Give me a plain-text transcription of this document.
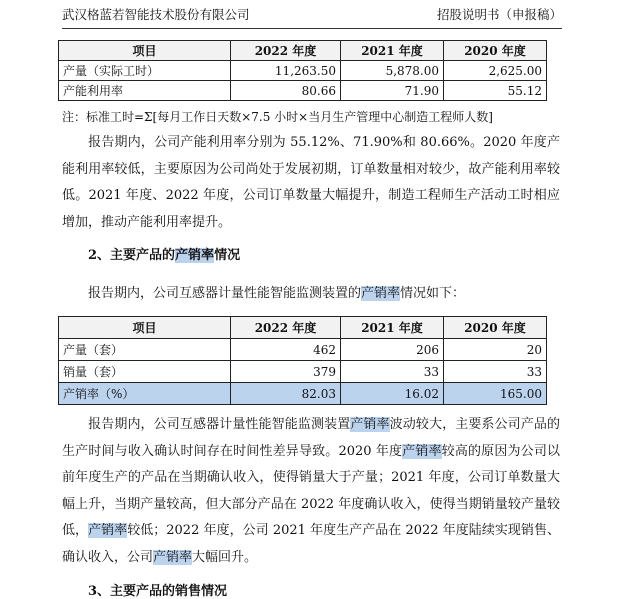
武汉格蓝若智能技术股份有限公司	招股说明书（申报稿）
项目	2022 年度	2021 年度	2020 年度
产量（实际工时）	11,263.50	5,878.00	2,625.00
产能利用率	80.66	71.90	55.12
注：标准工时=Σ[每月工作日天数×7.5 小时×当月生产管理中心制造工程师人数]
报告期内，公司产能利用率分别为 55.12%、71.90%和 80.66%。2020 年度产能利用率较低，主要原因为公司尚处于发展初期，订单数量相对较少，故产能利用率较低。2021 年度、2022 年度，公司订单数量大幅提升，制造工程师生产活动工时相应增加，推动产能利用率提升。
2、主要产品的产销率情况
报告期内，公司互感器计量性能智能监测装置的产销率情况如下：
项目	2022 年度	2021 年度	2020 年度
产量（套）	462	206	20
销量（套）	379	33	33
产销率（%）	82.03	16.02	165.00
报告期内，公司互感器计量性能智能监测装置产销率波动较大，主要系公司产品的生产时间与收入确认时间存在时间性差异导致。2020 年度产销率较高的原因为公司以前年度生产的产品在当期确认收入，使得销量大于产量；2021 年度，公司订单数量大幅上升，当期产量较高，但大部分产品在 2022 年度确认收入，使得当期销量较产量较低，产销率较低；2022 年度，公司 2021 年度生产产品在 2022 年度陆续实现销售、确认收入，公司产销率大幅回升。
3、主要产品的销售情况
